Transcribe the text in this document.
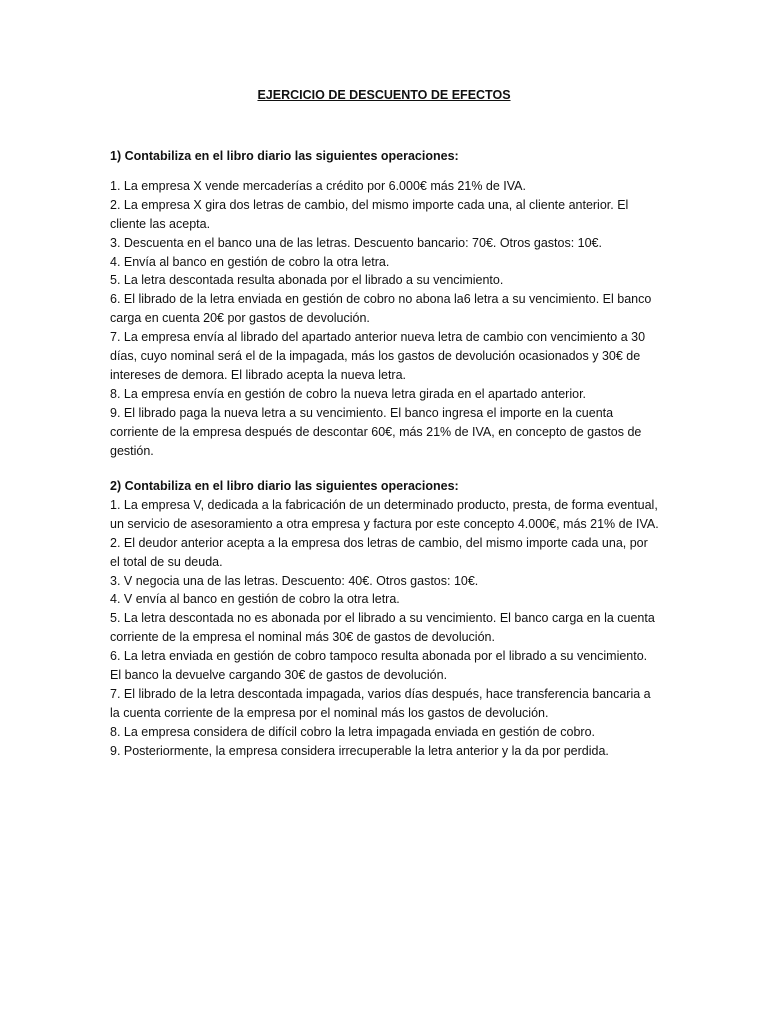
EJERCICIO DE DESCUENTO DE EFECTOS

1) Contabiliza en el libro diario las siguientes operaciones:

1. La empresa X vende mercaderías a crédito por 6.000€ más 21% de IVA.
2. La empresa X gira dos letras de cambio, del mismo importe cada una, al cliente anterior. El cliente las acepta.
3. Descuenta en el banco una de las letras. Descuento bancario: 70€. Otros gastos: 10€.
4. Envía al banco en gestión de cobro la otra letra.
5. La letra descontada resulta abonada por el librado a su vencimiento.
6. El librado de la letra enviada en gestión de cobro no abona la6 letra a su vencimiento. El banco carga en cuenta 20€ por gastos de devolución.
7. La empresa envía al librado del apartado anterior nueva letra de cambio con vencimiento a 30 días, cuyo nominal será el de la impagada, más los gastos de devolución ocasionados y 30€ de intereses de demora. El librado acepta la nueva letra.
8. La empresa envía en gestión de cobro la nueva letra girada en el apartado anterior.
9. El librado paga la nueva letra a su vencimiento. El banco ingresa el importe en la cuenta corriente de la empresa después de descontar 60€, más 21% de IVA, en concepto de gastos de gestión.

2) Contabiliza en el libro diario las siguientes operaciones:

1. La empresa V, dedicada a la fabricación de un determinado producto, presta, de forma eventual, un servicio de asesoramiento a otra empresa y factura por este concepto 4.000€, más 21% de IVA.
2. El deudor anterior acepta a la empresa dos letras de cambio, del mismo importe cada una, por el total de su deuda.
3. V negocia una de las letras. Descuento: 40€. Otros gastos: 10€.
4. V envía al banco en gestión de cobro la otra letra.
5. La letra descontada no es abonada por el librado a su vencimiento. El banco carga en la cuenta corriente de la empresa el nominal más 30€ de gastos de devolución.
6. La letra enviada en gestión de cobro tampoco resulta abonada por el librado a su vencimiento. El banco la devuelve cargando 30€ de gastos de devolución.
7. El librado de la letra descontada impagada, varios días después, hace transferencia bancaria a la cuenta corriente de la empresa por el nominal más los gastos de devolución.
8. La empresa considera de difícil cobro la letra impagada enviada en gestión de cobro.
9. Posteriormente, la empresa considera irrecuperable la letra anterior y la da por perdida.
